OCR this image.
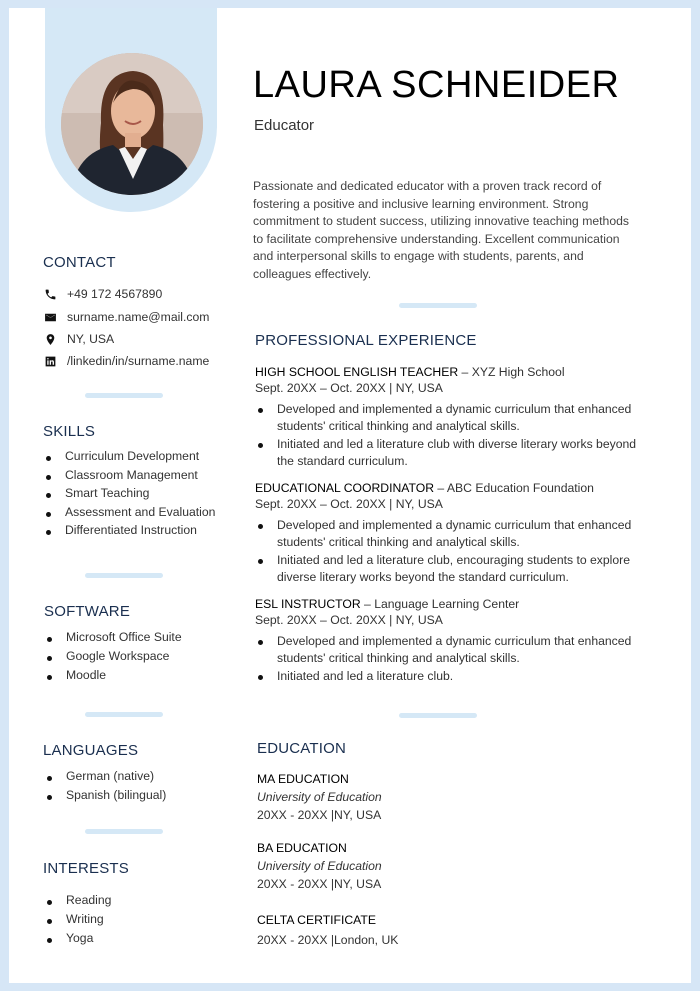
LAURA SCHNEIDER
Educator
Passionate and dedicated educator with a proven track record of fostering a positive and inclusive learning environment. Strong commitment to student success, utilizing innovative teaching methods to facilitate comprehensive understanding. Excellent communication and interpersonal skills to engage with students, parents, and colleagues effectively.
CONTACT
+49 172 4567890
surname.name@mail.com
NY, USA
/linkedin/in/surname.name
SKILLS
Curriculum Development
Classroom Management
Smart Teaching
Assessment and Evaluation
Differentiated Instruction
SOFTWARE
Microsoft Office Suite
Google Workspace
Moodle
LANGUAGES
German (native)
Spanish (bilingual)
INTERESTS
Reading
Writing
Yoga
PROFESSIONAL EXPERIENCE
HIGH SCHOOL ENGLISH TEACHER – XYZ High School
Sept. 20XX – Oct. 20XX | NY, USA
Developed and implemented a dynamic curriculum that enhanced students' critical thinking and analytical skills.
Initiated and led a literature club with diverse literary works beyond the standard curriculum.
EDUCATIONAL COORDINATOR – ABC Education Foundation
Sept. 20XX – Oct. 20XX | NY, USA
Developed and implemented a dynamic curriculum that enhanced students' critical thinking and analytical skills.
Initiated and led a literature club, encouraging students to explore diverse literary works beyond the standard curriculum.
ESL INSTRUCTOR – Language Learning Center
Sept. 20XX – Oct. 20XX | NY, USA
Developed and implemented a dynamic curriculum that enhanced students' critical thinking and analytical skills.
Initiated and led a literature club.
EDUCATION
MA EDUCATION
University of Education
20XX - 20XX |NY, USA
BA EDUCATION
University of Education
20XX - 20XX |NY, USA
CELTA CERTIFICATE
20XX - 20XX |London, UK
